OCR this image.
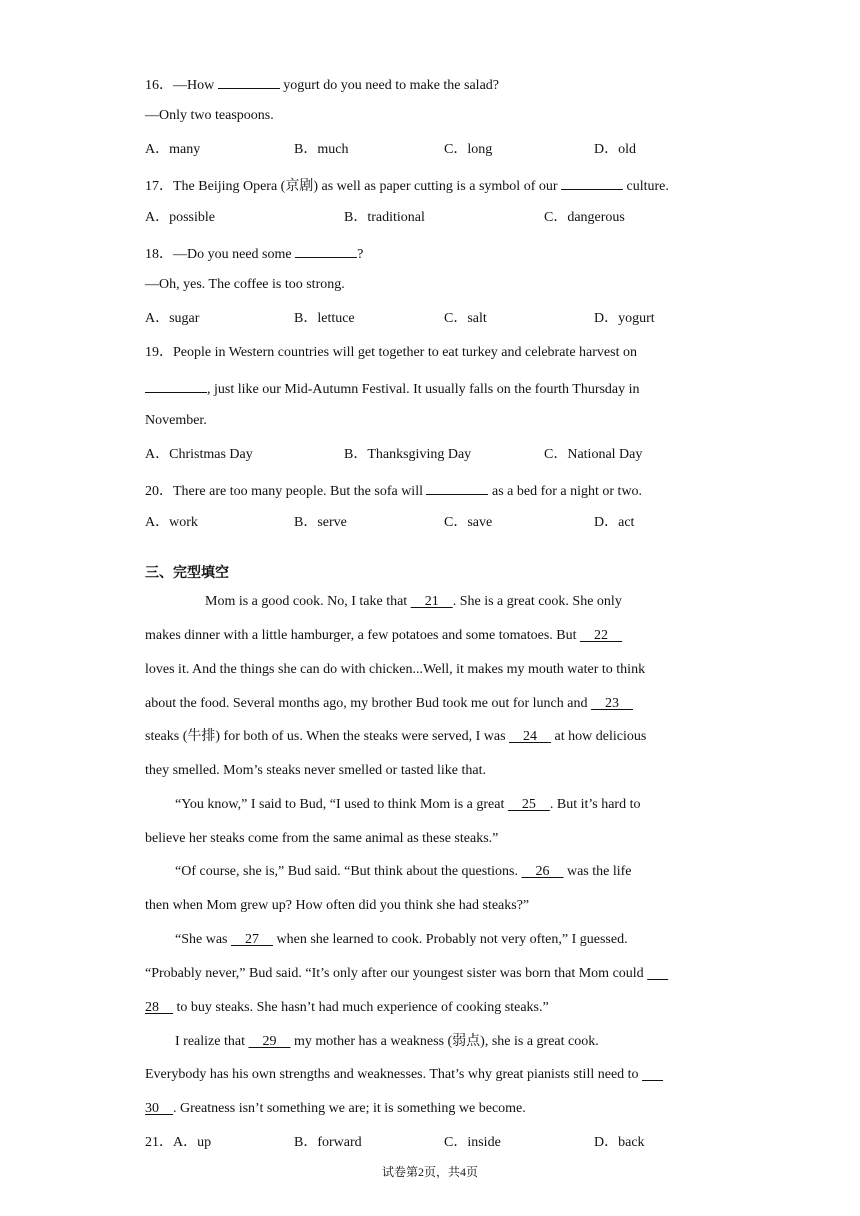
16．—How	yogurt do you need to make the salad?
—Only two teaspoons.
A．many	B．much	C．long	D．old
17．The Beijing Opera (京剧) as well as paper cutting is a symbol of our	culture.
A．possible	B．traditional	C．dangerous
18．—Do you need some	?
—Oh, yes. The coffee is too strong.
A．sugar	B．lettuce	C．salt	D．yogurt
19．People in Western countries will get together to eat turkey and celebrate harvest on
, just like our Mid-Autumn Festival. It usually falls on the fourth Thursday in
November.
A．Christmas Day	B．Thanksgiving Day	C．National Day
20．There are too many people. But the sofa will	as a bed for a night or two.
A．work	B．serve	C．save	D．act
三、完型填空
Mom is a good cook. No, I take that     21    . She is a great cook. She only
makes dinner with a little hamburger, a few potatoes and some tomatoes. But     22
loves it. And the things she can do with chicken...Well, it makes my mouth water to think
about the food. Several months ago, my brother Bud took me out for lunch and     23
steaks (牛排) for both of us. When the steaks were served, I was     24     at how delicious
they smelled. Mom’s steaks never smelled or tasted like that.
“You know,” I said to Bud, “I used to think Mom is a great     25    . But it’s hard to
believe her steaks come from the same animal as these steaks.”
“Of course, she is,” Bud said. “But think about the questions.     26     was the life
then when Mom grew up? How often did you think she had steaks?”
“She was     27     when she learned to cook. Probably not very often,” I guessed.
“Probably never,” Bud said. “It’s only after our youngest sister was born that Mom could
28     to buy steaks. She hasn’t had much experience of cooking steaks.”
I realize that     29     my mother has a weakness (弱点), she is a great cook.
Everybody has his own strengths and weaknesses. That’s why great pianists still need to
30    . Greatness isn’t something we are; it is something we become.
21．A．up	B．forward	C．inside	D．back
试卷第2页，共4页
